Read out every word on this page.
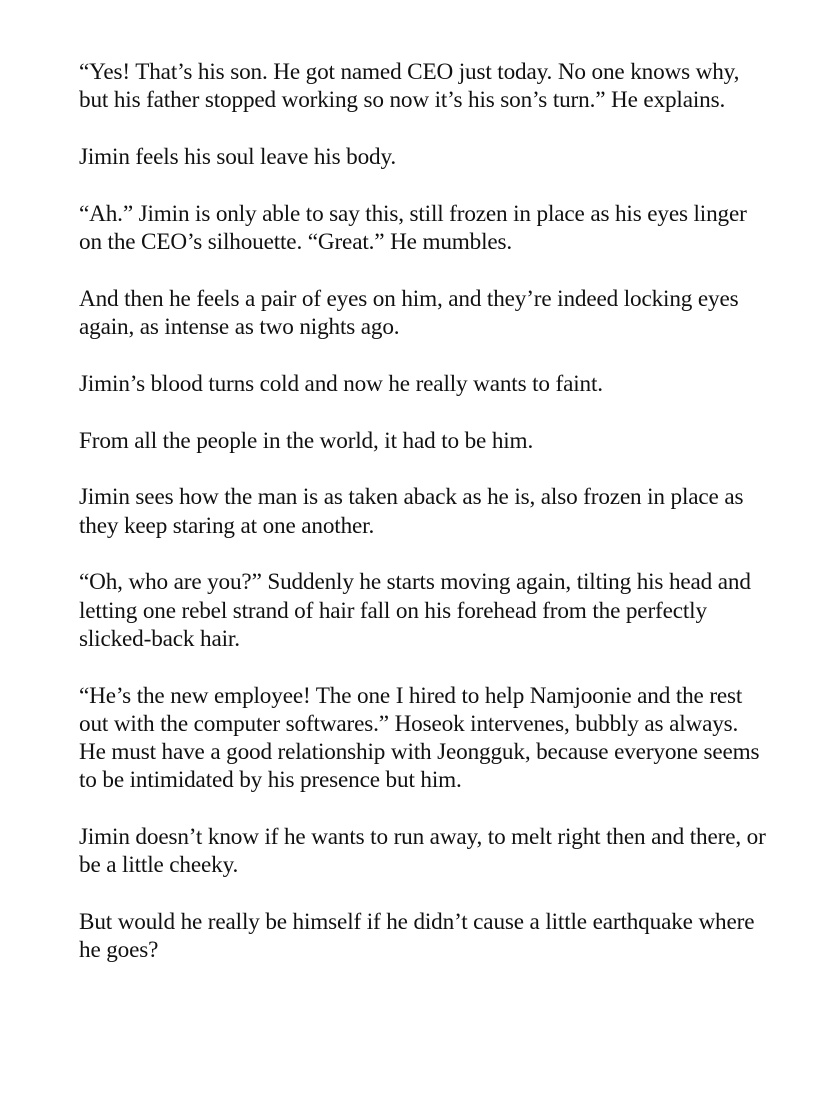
“Yes! That’s his son. He got named CEO just today. No one knows why, but his father stopped working so now it’s his son’s turn.” He explains.

Jimin feels his soul leave his body.

“Ah.” Jimin is only able to say this, still frozen in place as his eyes linger on the CEO’s silhouette. “Great.” He mumbles.

And then he feels a pair of eyes on him, and they’re indeed locking eyes again, as intense as two nights ago.

Jimin’s blood turns cold and now he really wants to faint.

From all the people in the world, it had to be him.

Jimin sees how the man is as taken aback as he is, also frozen in place as they keep staring at one another.

“Oh, who are you?” Suddenly he starts moving again, tilting his head and letting one rebel strand of hair fall on his forehead from the perfectly slicked-back hair.

“He’s the new employee! The one I hired to help Namjoonie and the rest out with the computer softwares.” Hoseok intervenes, bubbly as always. He must have a good relationship with Jeongguk, because everyone seems to be intimidated by his presence but him.

Jimin doesn’t know if he wants to run away, to melt right then and there, or be a little cheeky.

But would he really be himself if he didn’t cause a little earthquake where he goes?
